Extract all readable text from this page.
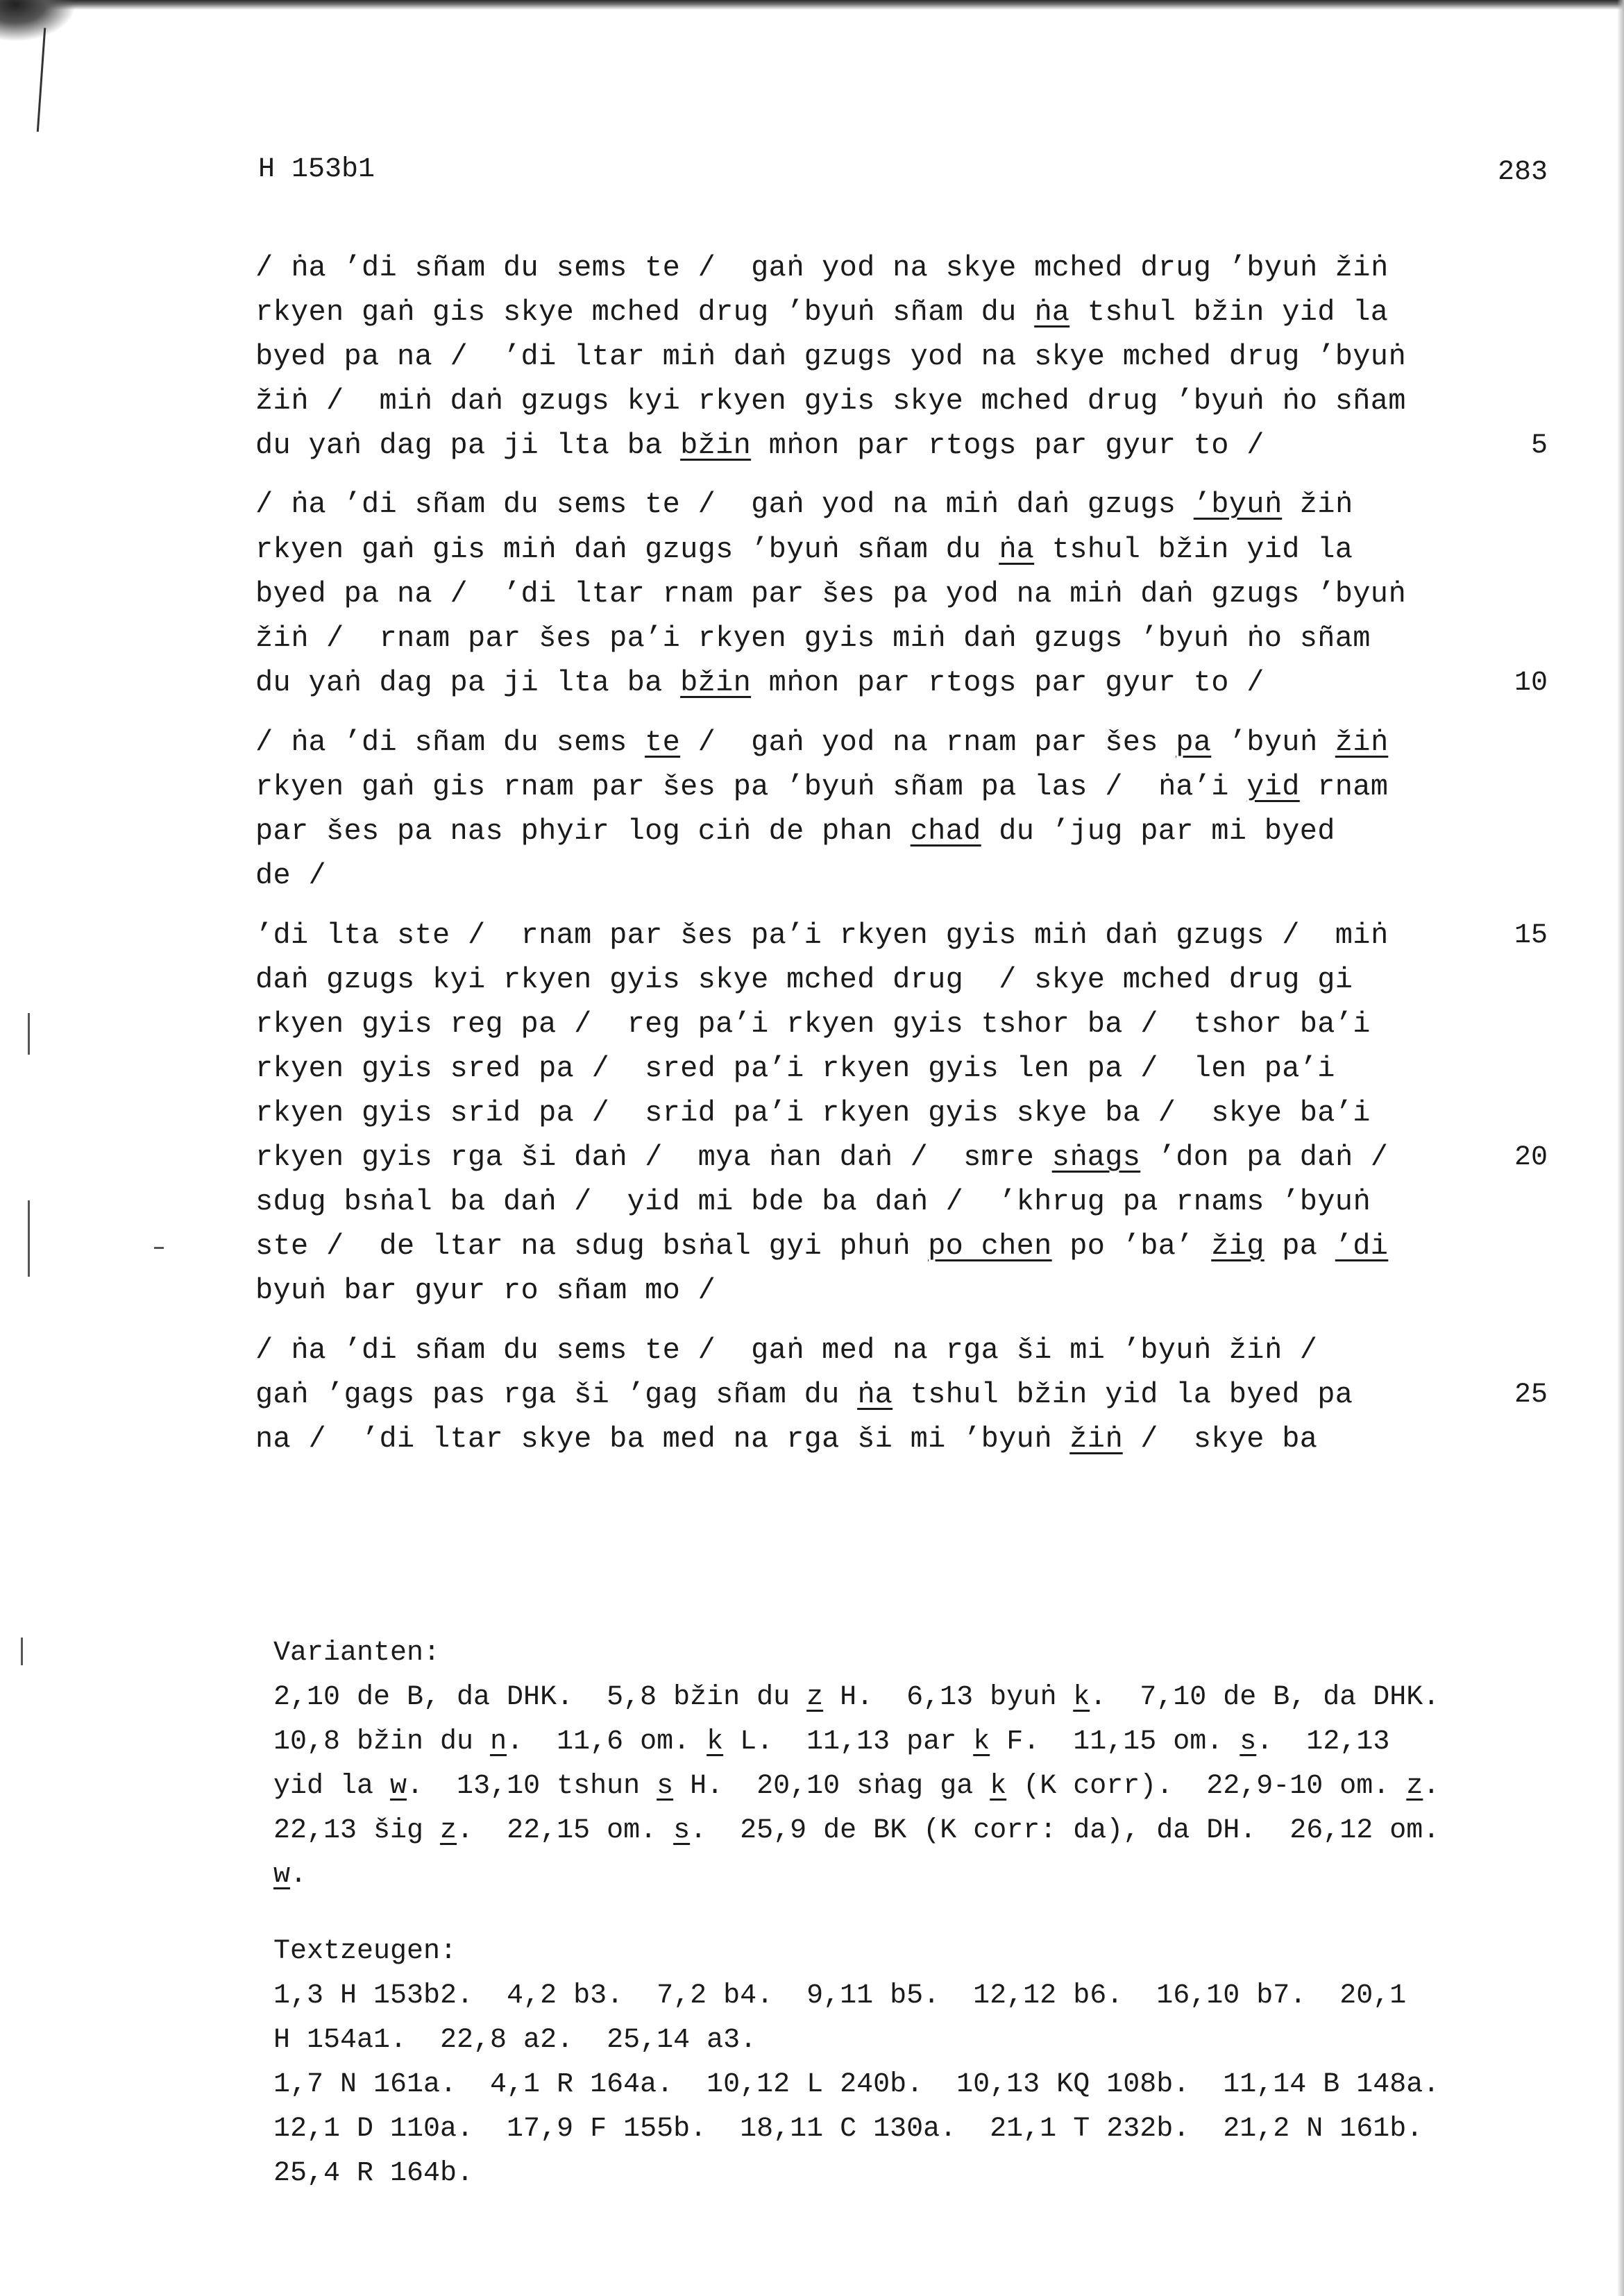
H 153b1	283
/ ṅa ’di sñam du sems te /  gaṅ yod na skye mched drug ’byuṅ žiṅ
rkyen gaṅ gis skye mched drug ’byuṅ sñam du ṅa tshul bžin yid la
byed pa na /  ’di ltar miṅ daṅ gzugs yod na skye mched drug ’byuṅ
žiṅ /  miṅ daṅ gzugs kyi rkyen gyis skye mched drug ’byuṅ ṅo sñam
du yaṅ dag pa ji lta ba bžin mṅon par rtogs par gyur to /	5
/ ṅa ’di sñam du sems te /  gaṅ yod na miṅ daṅ gzugs ’byuṅ žiṅ
rkyen gaṅ gis miṅ daṅ gzugs ’byuṅ sñam du ṅa tshul bžin yid la
byed pa na /  ’di ltar rnam par šes pa yod na miṅ daṅ gzugs ’byuṅ
žiṅ /  rnam par šes pa’i rkyen gyis miṅ daṅ gzugs ’byuṅ ṅo sñam
du yaṅ dag pa ji lta ba bžin mṅon par rtogs par gyur to /	10
/ ṅa ’di sñam du sems te /  gaṅ yod na rnam par šes pa ’byuṅ žiṅ
rkyen gaṅ gis rnam par šes pa ’byuṅ sñam pa las /  ṅa’i yid rnam
par šes pa nas phyir log ciṅ de phan chad du ’jug par mi byed
de /
’di lta ste /  rnam par šes pa’i rkyen gyis miṅ daṅ gzugs /  miṅ	15
daṅ gzugs kyi rkyen gyis skye mched drug  / skye mched drug gi
rkyen gyis reg pa /  reg pa’i rkyen gyis tshor ba /  tshor ba’i
rkyen gyis sred pa /  sred pa’i rkyen gyis len pa /  len pa’i
rkyen gyis srid pa /  srid pa’i rkyen gyis skye ba /  skye ba’i
rkyen gyis rga ši daṅ /  mya ṅan daṅ /  smre sṅags ’don pa daṅ /	20
sdug bsṅal ba daṅ /  yid mi bde ba daṅ /  ’khrug pa rnams ’byuṅ
ste /  de ltar na sdug bsṅal gyi phuṅ po chen po ’ba’ žig pa ’di
byuṅ bar gyur ro sñam mo /
/ ṅa ’di sñam du sems te /  gaṅ med na rga ši mi ’byuṅ žiṅ /
gaṅ ’gags pas rga ši ’gag sñam du ṅa tshul bžin yid la byed pa	25
na /  ’di ltar skye ba med na rga ši mi ’byuṅ žiṅ /  skye ba
Varianten:
2,10 de B, da DHK.  5,8 bžin du z H.  6,13 byuṅ k.  7,10 de B, da DHK.
10,8 bžin du n.  11,6 om. k L.  11,13 par k F.  11,15 om. s.  12,13
yid la w.  13,10 tshun s H.  20,10 sṅag ga k (K corr).  22,9-10 om. z.
22,13 šig z.  22,15 om. s.  25,9 de BK (K corr: da), da DH.  26,12 om.
w.
Textzeugen:
1,3 H 153b2.  4,2 b3.  7,2 b4.  9,11 b5.  12,12 b6.  16,10 b7.  20,1
H 154a1.  22,8 a2.  25,14 a3.
1,7 N 161a.  4,1 R 164a.  10,12 L 240b.  10,13 KQ 108b.  11,14 B 148a.
12,1 D 110a.  17,9 F 155b.  18,11 C 130a.  21,1 T 232b.  21,2 N 161b.
25,4 R 164b.
